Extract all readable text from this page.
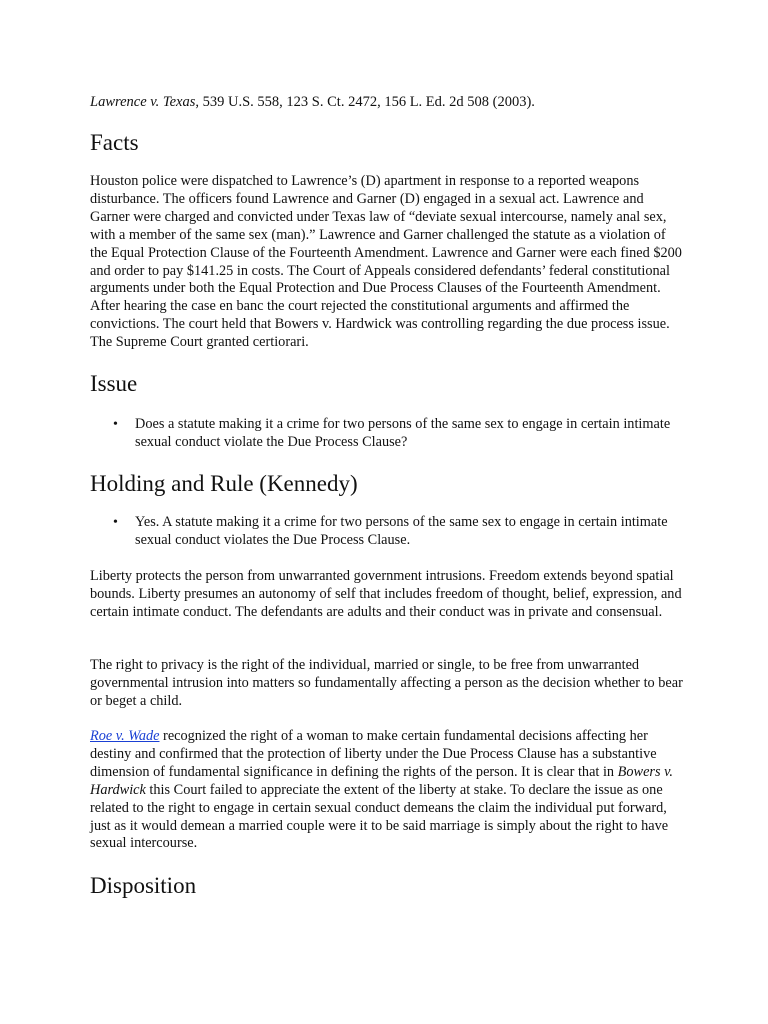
Lawrence v. Texas, 539 U.S. 558, 123 S. Ct. 2472, 156 L. Ed. 2d 508 (2003).
Facts

Houston police were dispatched to Lawrence’s (D) apartment in response to a reported weapons disturbance. The officers found Lawrence and Garner (D) engaged in a sexual act. Lawrence and Garner were charged and convicted under Texas law of “deviate sexual intercourse, namely anal sex, with a member of the same sex (man).” Lawrence and Garner challenged the statute as a violation of the Equal Protection Clause of the Fourteenth Amendment. Lawrence and Garner were each fined $200 and order to pay $141.25 in costs. The Court of Appeals considered defendants’ federal constitutional arguments under both the Equal Protection and Due Process Clauses of the Fourteenth Amendment. After hearing the case en banc the court rejected the constitutional arguments and affirmed the convictions. The court held that Bowers v. Hardwick was controlling regarding the due process issue. The Supreme Court granted certiorari.

Issue
• Does a statute making it a crime for two persons of the same sex to engage in certain intimate sexual conduct violate the Due Process Clause?
Holding and Rule (Kennedy)
• Yes. A statute making it a crime for two persons of the same sex to engage in certain intimate sexual conduct violates the Due Process Clause.

Liberty protects the person from unwarranted government intrusions. Freedom extends beyond spatial bounds. Liberty presumes an autonomy of self that includes freedom of thought, belief, expression, and certain intimate conduct. The defendants are adults and their conduct was in private and consensual.

The right to privacy is the right of the individual, married or single, to be free from unwarranted governmental intrusion into matters so fundamentally affecting a person as the decision whether to bear or beget a child.

Roe v. Wade recognized the right of a woman to make certain fundamental decisions affecting her destiny and confirmed that the protection of liberty under the Due Process Clause has a substantive dimension of fundamental significance in defining the rights of the person. It is clear that in Bowers v. Hardwick this Court failed to appreciate the extent of the liberty at stake. To declare the issue as one related to the right to engage in certain sexual conduct demeans the claim the individual put forward, just as it would demean a married couple were it to be said marriage is simply about the right to have sexual intercourse.

Disposition
